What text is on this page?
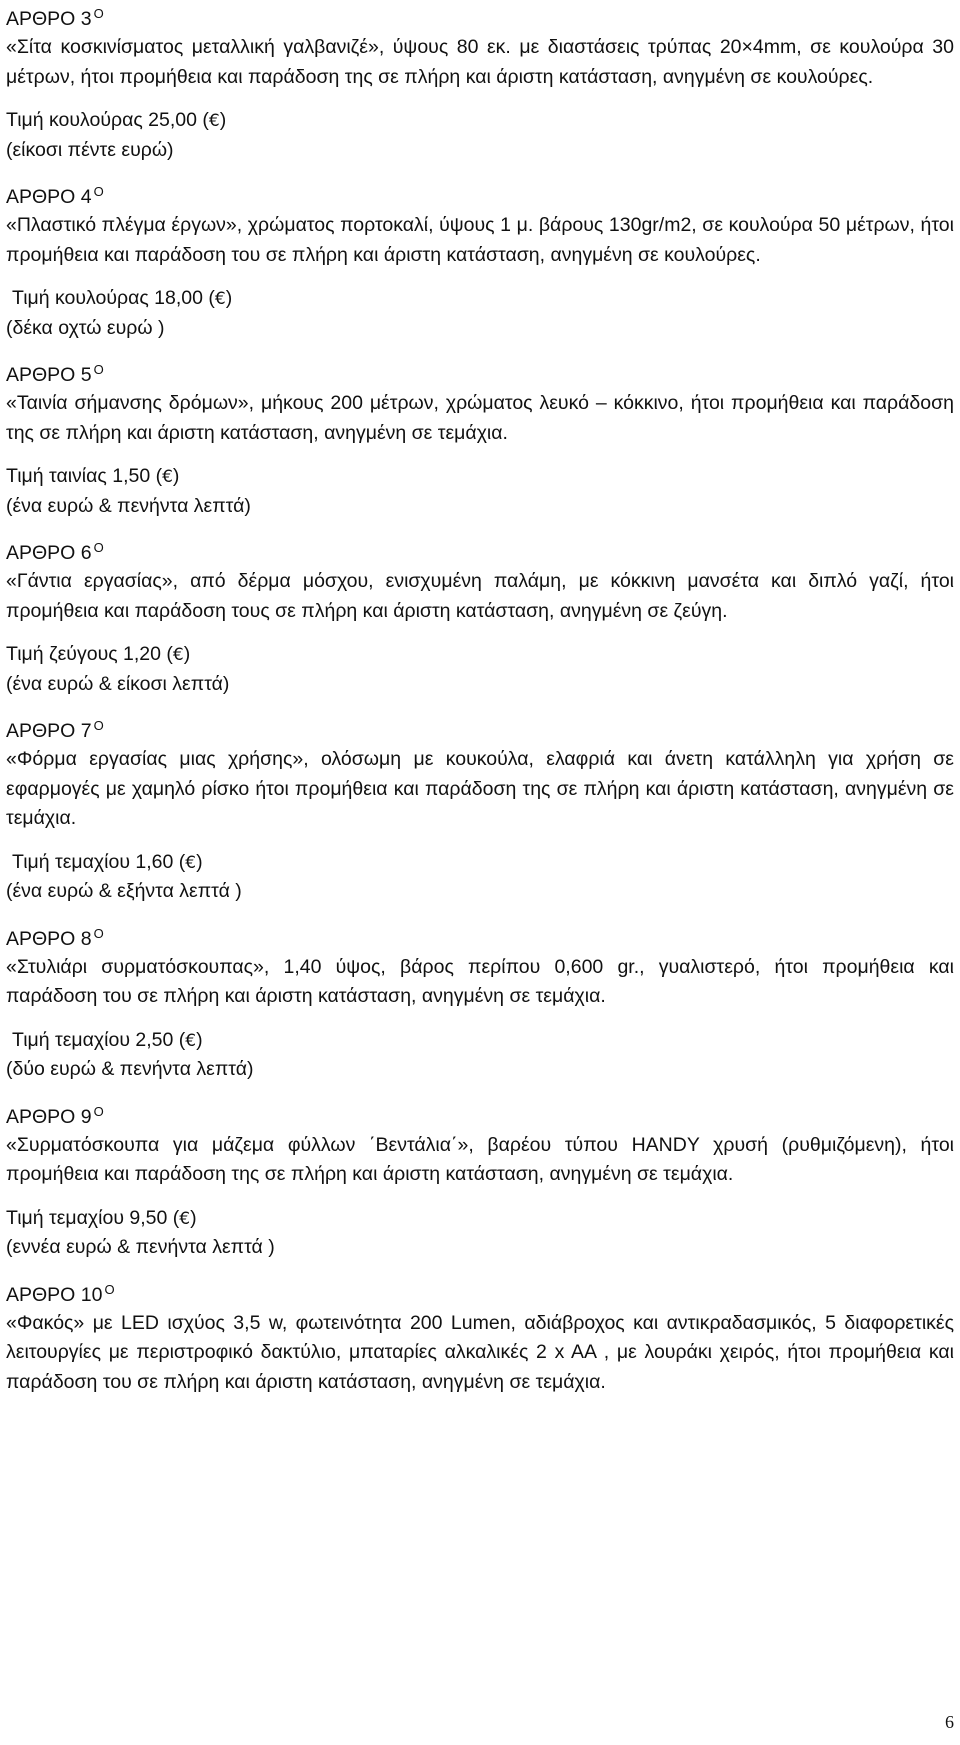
ΑΡΘΡΟ 3 $^O$

«Σίτα κοσκινίσματος μεταλλική γαλβανιζέ», ύψους 80 εκ. με διαστάσεις τρύπας 20×4mm, σε κουλούρα 30 μέτρων, ήτοι προμήθεια και παράδοση της σε πλήρη και άριστη κατάσταση, ανηγμένη σε κουλούρες.

Τιμή κουλούρας 25,00 (€)

(είκοσι πέντε ευρώ)

ΑΡΘΡΟ 4 $^O$

«Πλαστικό πλέγμα έργων», χρώματος πορτοκαλί, ύψους 1 μ. βάρους 130gr/m2, σε κουλούρα 50 μέτρων, ήτοι προμήθεια και παράδοση του σε πλήρη και άριστη κατάσταση, ανηγμένη σε κουλούρες.

Τιμή κουλούρας 18,00 (€)

(δέκα οχτώ ευρώ )

ΑΡΘΡΟ 5 $^O$

«Ταινία σήμανσης δρόμων», μήκους 200 μέτρων, χρώματος λευκό – κόκκινο, ήτοι προμήθεια και παράδοση της σε πλήρη και άριστη κατάσταση, ανηγμένη σε τεμάχια.

Τιμή ταινίας 1,50 (€)

(ένα ευρώ & πενήντα λεπτά)

ΑΡΘΡΟ 6 $^O$

«Γάντια εργασίας», από δέρμα μόσχου, ενισχυμένη παλάμη, με κόκκινη μανσέτα και διπλό γαζί, ήτοι προμήθεια και παράδοση τους σε πλήρη και άριστη κατάσταση, ανηγμένη σε ζεύγη.

Τιμή ζεύγους 1,20 (€)

(ένα ευρώ & είκοσι λεπτά)

ΑΡΘΡΟ 7 $^O$

«Φόρμα εργασίας μιας χρήσης», ολόσωμη με κουκούλα, ελαφριά και άνετη κατάλληλη για χρήση σε εφαρμογές με χαμηλό ρίσκο ήτοι προμήθεια και παράδοση της σε πλήρη και άριστη κατάσταση, ανηγμένη σε τεμάχια.

Τιμή τεμαχίου 1,60 (€)

(ένα ευρώ & εξήντα λεπτά )

ΑΡΘΡΟ 8 $^O$

«Στυλιάρι συρματόσκουπας», 1,40 ύψος, βάρος περίπου 0,600 gr., γυαλιστερό, ήτοι προμήθεια και παράδοση του σε πλήρη και άριστη κατάσταση, ανηγμένη σε τεμάχια.

Τιμή τεμαχίου 2,50 (€)

(δύο ευρώ & πενήντα λεπτά)

ΑΡΘΡΟ 9 $^O$

«Συρματόσκουπα για μάζεμα φύλλων ΄Βεντάλια΄», βαρέου τύπου HANDY χρυσή (ρυθμιζόμενη), ήτοι προμήθεια και παράδοση της σε πλήρη και άριστη κατάσταση, ανηγμένη σε τεμάχια.

Τιμή τεμαχίου 9,50 (€)

(εννέα ευρώ & πενήντα λεπτά )

ΑΡΘΡΟ 10 $^O$

«Φακός» με LED ισχύος 3,5 w, φωτεινότητα 200 Lumen, αδιάβροχος και αντικραδασμικός, 5 διαφορετικές λειτουργίες με περιστροφικό δακτύλιο, μπαταρίες αλκαλικές 2 x AA , με λουράκι χειρός, ήτοι προμήθεια και παράδοση του σε πλήρη και άριστη κατάσταση, ανηγμένη σε τεμάχια.

6
